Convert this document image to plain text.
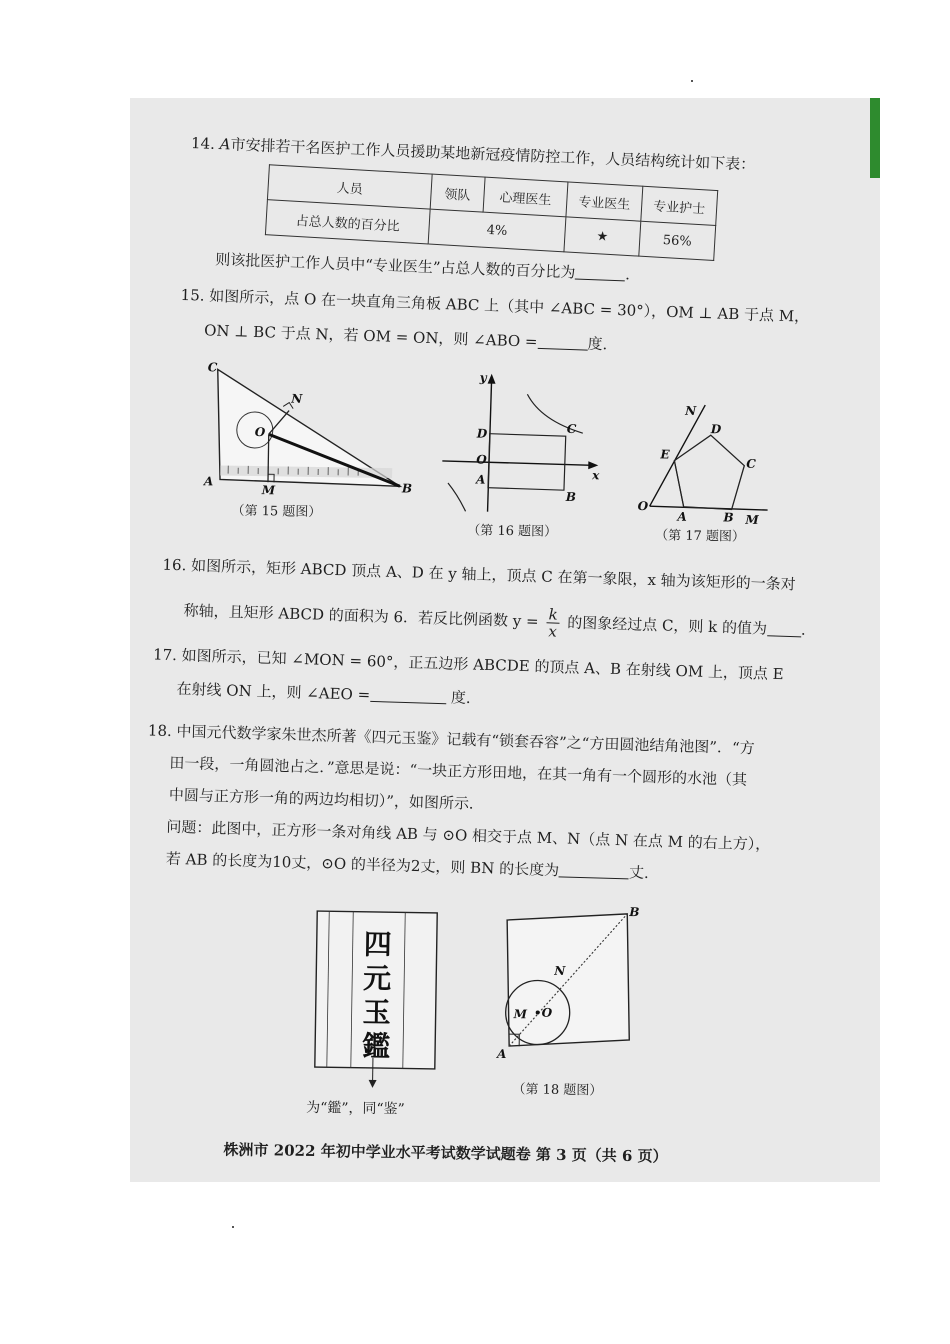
14. A市安排若干名医护工作人员援助某地新冠疫情防控工作，人员结构统计如下表：
人员	领队	心理医生	专业医生	专业护士
占总人数的百分比	4%		★	56%
则该批医护工作人员中“专业医生”占总人数的百分比为	．
15. 如图所示，点 O 在一块直角三角板 ABC 上（其中 ∠ABC = 30°），OM ⊥ AB 于点 M，
ON ⊥ BC 于点 N，若 OM = ON，则 ∠ABO =	度.
C
N
O
A
M	B
（第 15 题图）
y
x
D	C
O
A
B
（第 16 题图）
N
D
E
C
O
A	B M
（第 17 题图）
16. 如图所示，矩形 ABCD 顶点 A、D 在 y 轴上，顶点 C 在第一象限，x 轴为该矩形的一条对
称轴，且矩形 ABCD 的面积为 6．若反比例函数 $y = \frac{k}{x}$ 的图象经过点 C，则 k 的值为 ．
17. 如图所示，已知 ∠MON = 60°，正五边形 ABCDE 的顶点 A、B 在射线 OM 上，顶点 E
在射线 ON 上，则 ∠AEO =	度.
18. 中国元代数学家朱世杰所著《四元玉鉴》记载有“锁套吞容”之“方田圆池结角池图”．“方
田一段，一角圆池占之．”意思是说：“一块正方形田地，在其一角有一个圆形的水池（其
中圆与正方形一角的两边均相切）”，如图所示．
问题：此图中，正方形一条对角线 AB 与 ⊙O 相交于点 M、N（点 N 在点 M 的右上方），
若 AB 的长度为10丈，⊙O 的半径为2丈，则 BN 的长度为	丈.
四元玉鑑
为“鑑”，同“鉴”
B
N
M O
A
（第 18 题图）
株洲市 2022 年初中学业水平考试数学试题卷 第 3 页（共 6 页）
